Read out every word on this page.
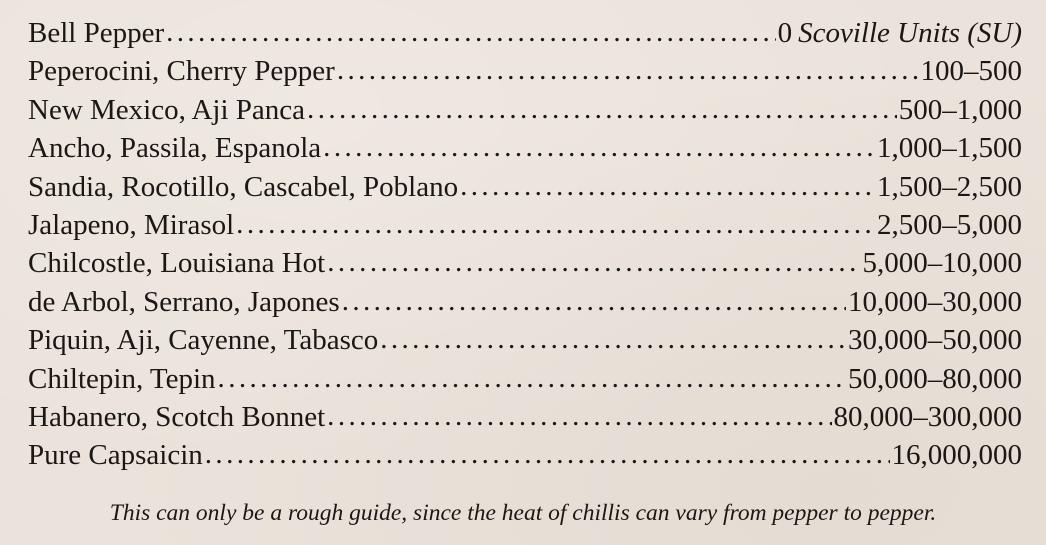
Bell Pepper .....	0 Scoville Units (SU)
Peperocini, Cherry Pepper .....	100–500
New Mexico, Aji Panca .....	500–1,000
Ancho, Passila, Espanola .....	1,000–1,500
Sandia, Rocotillo, Cascabel, Poblano .....	1,500–2,500
Jalapeno, Mirasol .....	2,500–5,000
Chilcostle, Louisiana Hot .....	5,000–10,000
de Arbol, Serrano, Japones .....	10,000–30,000
Piquin, Aji, Cayenne, Tabasco .....	30,000–50,000
Chiltepin, Tepin .....	50,000–80,000
Habanero, Scotch Bonnet .....	80,000–300,000
Pure Capsaicin .....	16,000,000
This can only be a rough guide, since the heat of chillis can vary from pepper to pepper.
